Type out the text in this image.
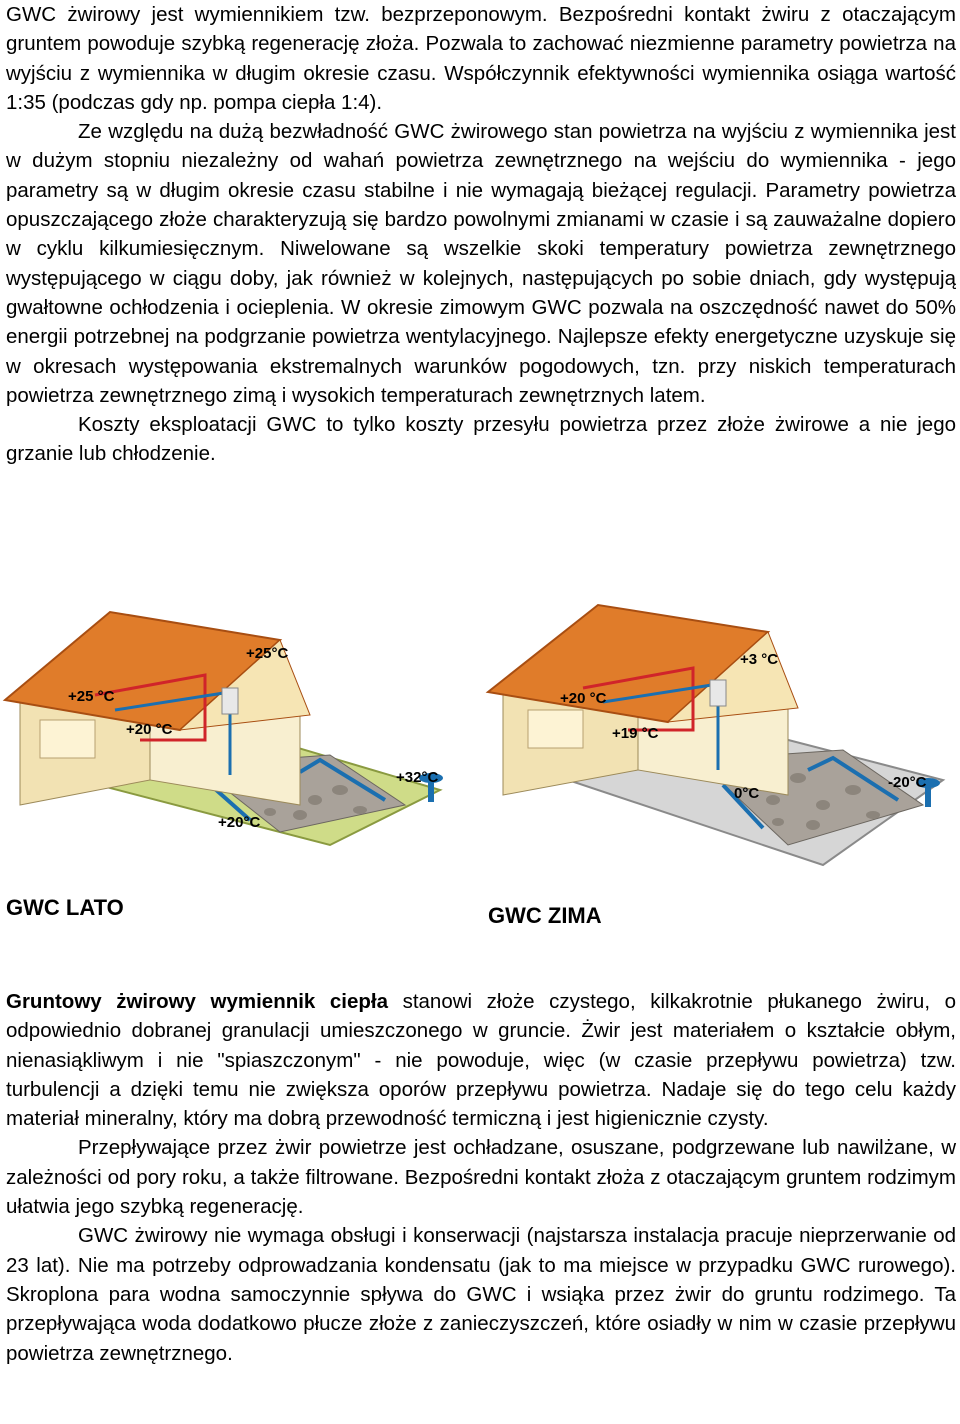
GWC żwirowy jest wymiennikiem tzw. bezprzeponowym. Bezpośredni kontakt żwiru z otaczającym gruntem powoduje szybką regenerację złoża. Pozwala to zachować niezmienne parametry powietrza na wyjściu z wymiennika w długim okresie czasu. Współczynnik efektywności wymiennika osiąga wartość 1:35 (podczas gdy np. pompa ciepła 1:4).

Ze względu na dużą bezwładność GWC żwirowego stan powietrza na wyjściu z wymiennika jest w dużym stopniu niezależny od wahań powietrza zewnętrznego na wejściu do wymiennika - jego parametry są w długim okresie czasu stabilne i nie wymagają bieżącej regulacji. Parametry powietrza opuszczającego złoże charakteryzują się bardzo powolnymi zmianami w czasie i są zauważalne dopiero w cyklu kilkumiesięcznym. Niwelowane są wszelkie skoki temperatury powietrza zewnętrznego występującego w ciągu doby, jak również w kolejnych, następujących po sobie dniach, gdy występują gwałtowne ochłodzenia i ocieplenia. W okresie zimowym GWC pozwala na oszczędność nawet do 50% energii potrzebnej na podgrzanie powietrza wentylacyjnego. Najlepsze efekty energetyczne uzyskuje się w okresach występowania ekstremalnych warunków pogodowych, tzn. przy niskich temperaturach powietrza zewnętrznego zimą i wysokich temperaturach zewnętrznych latem.

Koszty eksploatacji GWC to tylko koszty przesyłu powietrza przez złoże żwirowe a nie jego grzanie lub chłodzenie.

+25°C
+25 °C
+20 °C
+32°C
+20°C
+3 °C
+20 °C
+19 °C
-20°C
0°C
GWC LATO	GWC ZIMA

Gruntowy żwirowy wymiennik ciepła stanowi złoże czystego, kilkakrotnie płukanego żwiru, o odpowiednio dobranej granulacji umieszczonego w gruncie. Żwir jest materiałem o kształcie obłym, nienasiąkliwym i nie "spiaszczonym" - nie powoduje, więc (w czasie przepływu powietrza) tzw. turbulencji a dzięki temu nie zwiększa oporów przepływu powietrza. Nadaje się do tego celu każdy materiał mineralny, który ma dobrą przewodność termiczną i jest higienicznie czysty.

Przepływające przez żwir powietrze jest ochładzane, osuszane, podgrzewane lub nawilżane, w zależności od pory roku, a także filtrowane. Bezpośredni kontakt złoża z otaczającym gruntem rodzimym ułatwia jego szybką regenerację.

GWC żwirowy nie wymaga obsługi i konserwacji (najstarsza instalacja pracuje nieprzerwanie od 23 lat). Nie ma potrzeby odprowadzania kondensatu (jak to ma miejsce w przypadku GWC rurowego). Skroplona para wodna samoczynnie spływa do GWC i wsiąka przez żwir do gruntu rodzimego. Ta przepływająca woda dodatkowo płucze złoże z zanieczyszczeń, które osiadły w nim w czasie przepływu powietrza zewnętrznego.
